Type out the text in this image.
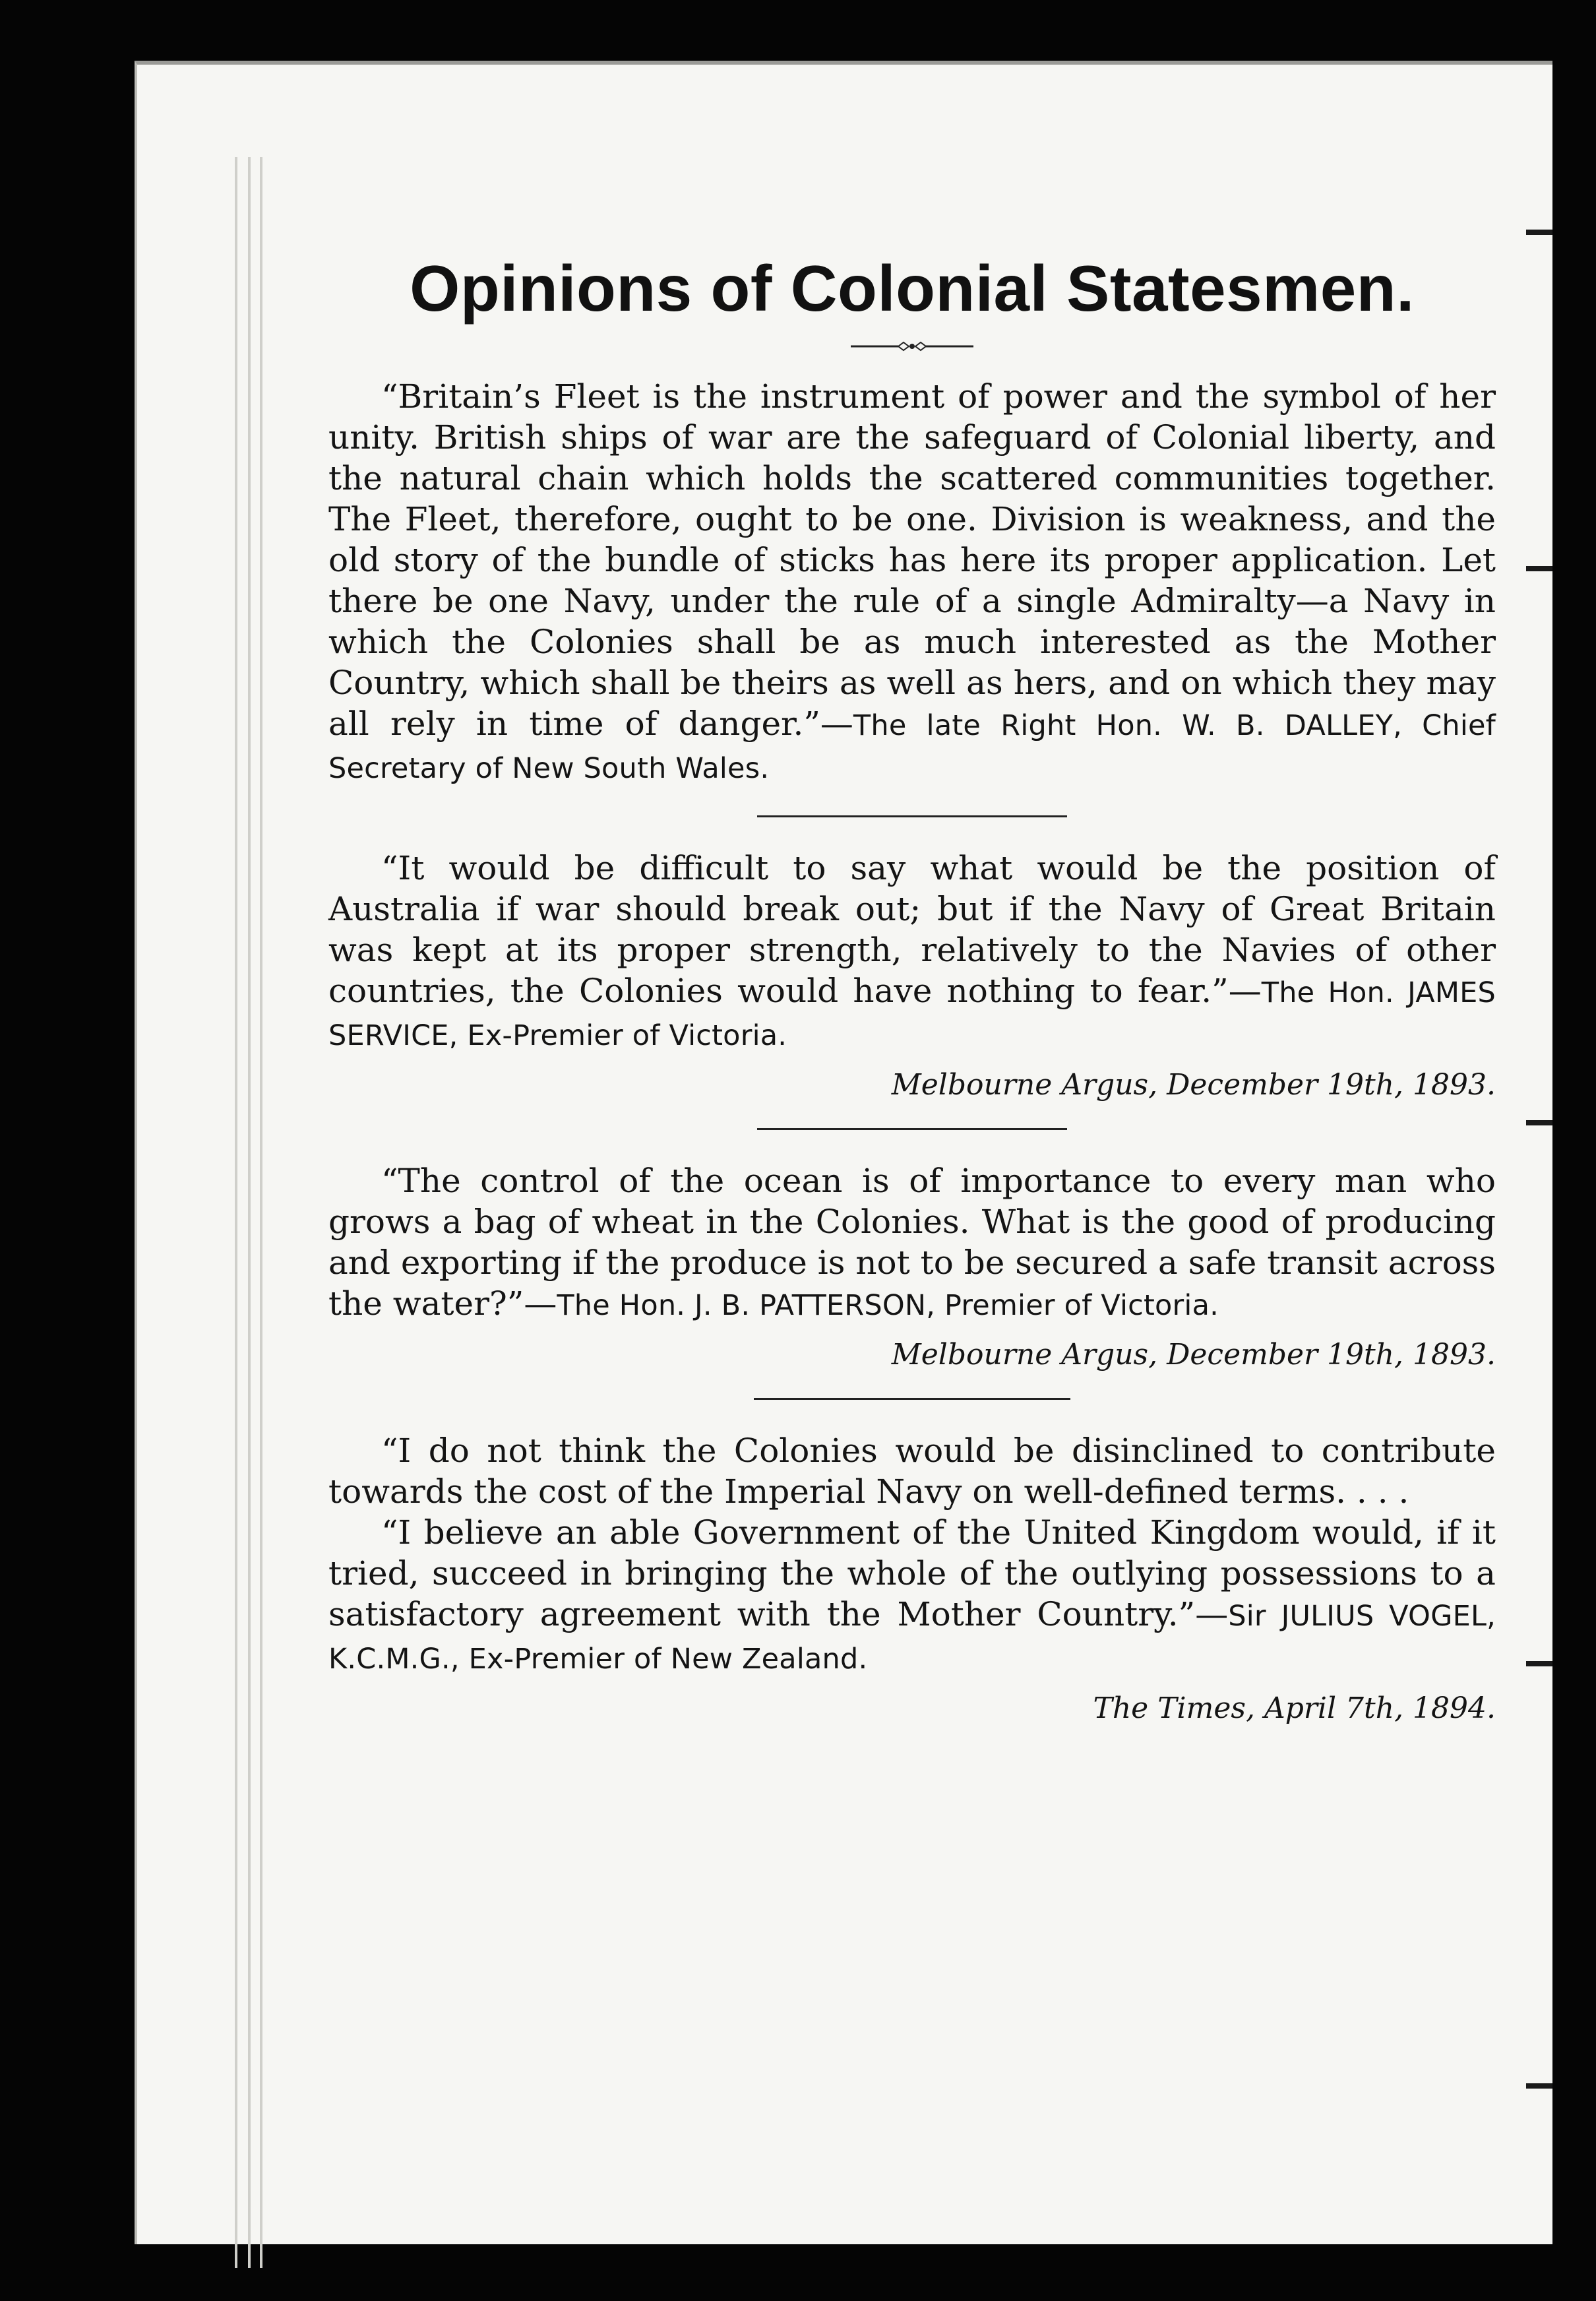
Opinions of Colonial Statesmen.

“Britain’s Fleet is the instrument of power and the symbol of her unity. British ships of war are the safeguard of Colonial liberty, and the natural chain which holds the scattered communities together. The Fleet, therefore, ought to be one. Division is weakness, and the old story of the bundle of sticks has here its proper application. Let there be one Navy, under the rule of a single Admiralty—a Navy in which the Colonies shall be as much interested as the Mother Country, which shall be theirs as well as hers, and on which they may all rely in time of danger.”—The late Right Hon. W. B. DALLEY, Chief Secretary of New South Wales.

“It would be difficult to say what would be the position of Australia if war should break out; but if the Navy of Great Britain was kept at its proper strength, relatively to the Navies of other countries, the Colonies would have nothing to fear.”—The Hon. JAMES SERVICE, Ex-Premier of Victoria.

Melbourne Argus, December 19th, 1893.

“The control of the ocean is of importance to every man who grows a bag of wheat in the Colonies. What is the good of producing and exporting if the produce is not to be secured a safe transit across the water?”—The Hon. J. B. PATTERSON, Premier of Victoria.

Melbourne Argus, December 19th, 1893.

“I do not think the Colonies would be disinclined to contribute towards the cost of the Imperial Navy on well-defined terms. . . .

“I believe an able Government of the United Kingdom would, if it tried, succeed in bringing the whole of the outlying possessions to a satisfactory agreement with the Mother Country.”—Sir JULIUS VOGEL, K.C.M.G., Ex-Premier of New Zealand.

The Times, April 7th, 1894.
